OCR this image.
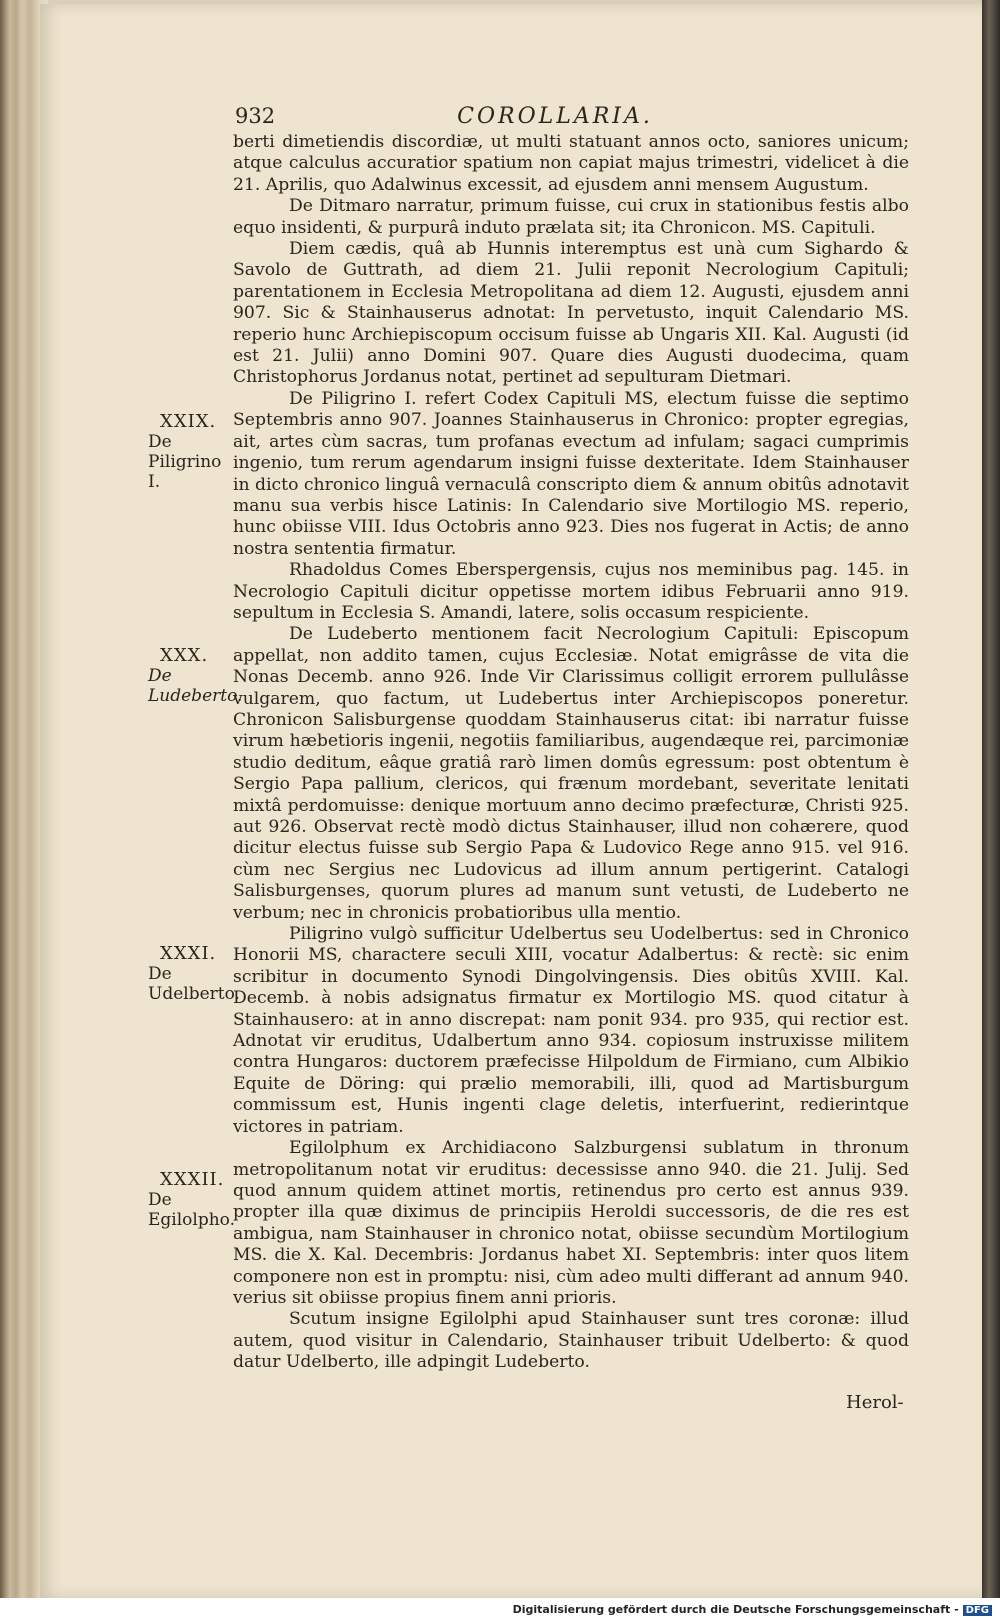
932	COROLLARIA.

berti dimetiendis discordiæ, ut multi statuant annos octo, saniores unicum; atque calculus accuratior spatium non capiat majus trimestri, videlicet à die 21. Aprilis, quo Adalwinus excessit, ad ejusdem anni mensem Augustum.

De Ditmaro narratur, primum fuisse, cui crux in stationibus festis albo equo insidenti, & purpurâ induto prælata sit; ita Chronicon. MS. Capituli.

Diem cædis, quâ ab Hunnis interemptus est unà cum Sighardo & Savolo de Guttrath, ad diem 21. Julii reponit Necrologium Capituli; parentationem in Ecclesia Metropolitana ad diem 12. Augusti, ejusdem anni 907. Sic & Stainhauserus adnotat: In pervetusto, inquit Calendario MS. reperio hunc Archiepiscopum occisum fuisse ab Ungaris XII. Kal. Augusti (id est 21. Julii) anno Domini 907. Quare dies Augusti duodecima, quam Christophorus Jordanus notat, pertinet ad sepulturam Dietmari.

De Piligrino I. refert Codex Capituli MS, electum fuisse die septimo Septembris anno 907. Joannes Stainhauserus in Chronico: propter egregias, ait, artes cùm sacras, tum profanas evectum ad infulam; sagaci cumprimis ingenio, tum rerum agendarum insigni fuisse dexteritate. Idem Stainhauser in dicto chronico linguâ vernaculâ conscripto diem & annum obitûs adnotavit manu sua verbis hisce Latinis: In Calendario sive Mortilogio MS. reperio, hunc obiisse VIII. Idus Octobris anno 923. Dies nos fugerat in Actis; de anno nostra sententia firmatur.

Rhadoldus Comes Eberspergensis, cujus nos meminibus pag. 145. in Necrologio Capituli dicitur oppetisse mortem idibus Februarii anno 919. sepultum in Ecclesia S. Amandi, latere, solis occasum respiciente.

De Ludeberto mentionem facit Necrologium Capituli: Episcopum appellat, non addito tamen, cujus Ecclesiæ. Notat emigrâsse de vita die Nonas Decemb. anno 926. Inde Vir Clarissimus colligit errorem pullulâsse vulgarem, quo factum, ut Ludebertus inter Archiepiscopos poneretur. Chronicon Salisburgense quoddam Stainhauserus citat: ibi narratur fuisse virum hæbetioris ingenii, negotiis familiaribus, augendæque rei, parcimoniæ studio deditum, eâque gratiâ rarò limen domûs egressum: post obtentum è Sergio Papa pallium, clericos, qui frænum mordebant, severitate lenitati mixtâ perdomuisse: denique mortuum anno decimo præfecturæ, Christi 925. aut 926. Observat rectè modò dictus Stainhauser, illud non cohærere, quod dicitur electus fuisse sub Sergio Papa & Ludovico Rege anno 915. vel 916. cùm nec Sergius nec Ludovicus ad illum annum pertigerint. Catalogi Salisburgenses, quorum plures ad manum sunt vetusti, de Ludeberto ne verbum; nec in chronicis probatioribus ulla mentio.

Piligrino vulgò sufficitur Udelbertus seu Uodelbertus: sed in Chronico Honorii MS, charactere seculi XIII, vocatur Adalbertus: & rectè: sic enim scribitur in documento Synodi Dingolvingensis. Dies obitûs XVIII. Kal. Decemb. à nobis adsignatus firmatur ex Mortilogio MS. quod citatur à Stainhausero: at in anno discrepat: nam ponit 934. pro 935, qui rectior est. Adnotat vir eruditus, Udalbertum anno 934. copiosum instruxisse militem contra Hungaros: ductorem præfecisse Hilpoldum de Firmiano, cum Albikio Equite de Döring: qui prælio memorabili, illi, quod ad Martisburgum commissum est, Hunis ingenti clage deletis, interfuerint, redierintque victores in patriam.

Egilolphum ex Archidiacono Salzburgensi sublatum in thronum metropolitanum notat vir eruditus: decessisse anno 940. die 21. Julij. Sed quod annum quidem attinet mortis, retinendus pro certo est annus 939. propter illa quæ diximus de principiis Heroldi successoris, de die res est ambigua, nam Stainhauser in chronico notat, obiisse secundùm Mortilogium MS. die X. Kal. Decembris: Jordanus habet XI. Septembris: inter quos litem componere non est in promptu: nisi, cùm adeo multi differant ad annum 940. verius sit obiisse propius finem anni prioris.

Scutum insigne Egilolphi apud Stainhauser sunt tres coronæ: illud autem, quod visitur in Calendario, Stainhauser tribuit Udelberto: & quod datur Udelberto, ille adpingit Ludeberto.

Herol-
XXIX.
De Piligrino I.
XXX.
De Ludeberto.
XXXI.
De Udelberto.
XXXII.
De Egilolpho.
Digitalisierung gefördert durch die Deutsche Forschungsgemeinschaft - DFG
